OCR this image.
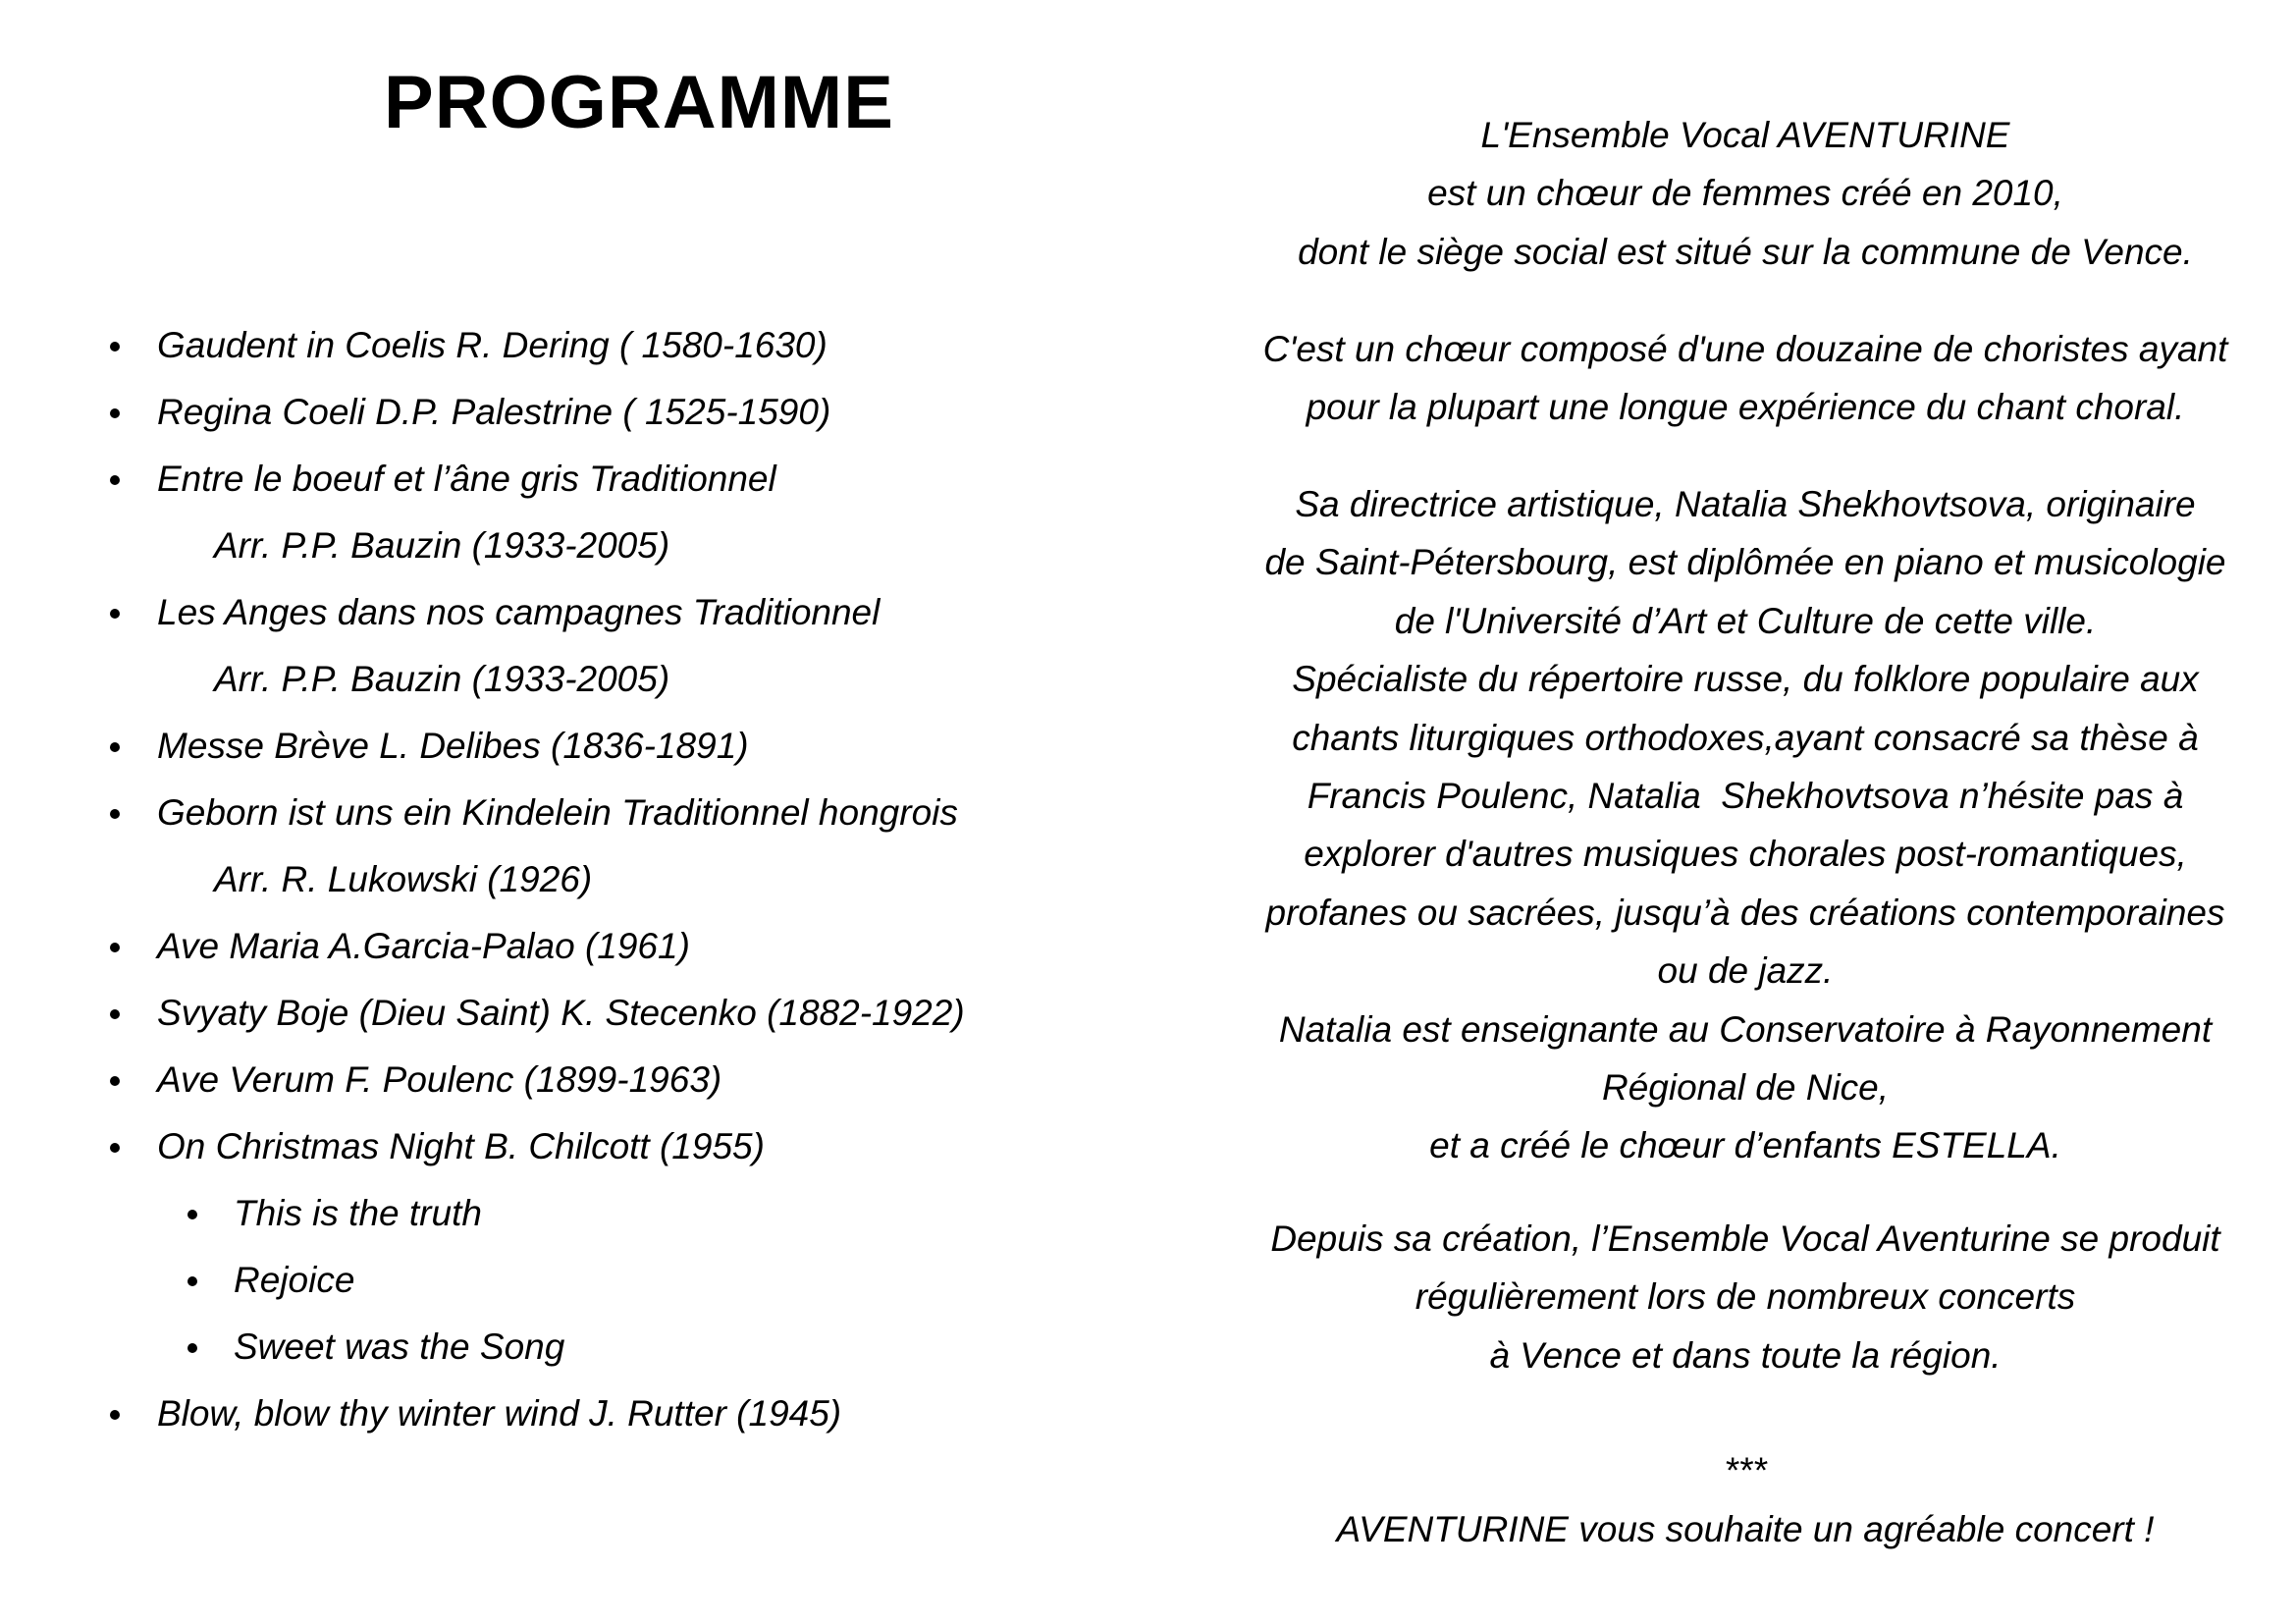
PROGRAMME

Gaudent in Coelis R. Dering ( 1580-1630)

Regina Coeli D.P. Palestrine ( 1525-1590)

Entre le boeuf et l’âne gris Traditionnel

Arr. P.P. Bauzin (1933-2005)

Les Anges dans nos campagnes Traditionnel

Arr. P.P. Bauzin (1933-2005)

Messe Brève L. Delibes (1836-1891)

Geborn ist uns ein Kindelein Traditionnel hongrois

Arr. R. Lukowski (1926)

Ave Maria A.Garcia-Palao (1961)

Svyaty Boje (Dieu Saint) K. Stecenko (1882-1922)

Ave Verum F. Poulenc (1899-1963)

On Christmas Night B. Chilcott (1955)

This is the truth

Rejoice

Sweet was the Song

Blow, blow thy winter wind J. Rutter (1945)

L'Ensemble Vocal AVENTURINE
est un chœur de femmes créé en 2010,
dont le siège social est situé sur la commune de Vence.
C'est un chœur composé d'une douzaine de choristes ayant
pour la plupart une longue expérience du chant choral.
Sa directrice artistique, Natalia Shekhovtsova, originaire
de Saint-Pétersbourg, est diplômée en piano et musicologie
de l'Université d’Art et Culture de cette ville.
Spécialiste du répertoire russe, du folklore populaire aux
chants liturgiques orthodoxes,ayant consacré sa thèse à
Francis Poulenc, Natalia  Shekhovtsova n’hésite pas à
explorer d'autres musiques chorales post-romantiques,
profanes ou sacrées, jusqu’à des créations contemporaines
ou de jazz.
Natalia est enseignante au Conservatoire à Rayonnement
Régional de Nice,
et a créé le chœur d’enfants ESTELLA.
Depuis sa création, l’Ensemble Vocal Aventurine se produit
régulièrement lors de nombreux concerts
à Vence et dans toute la région.
***
AVENTURINE vous souhaite un agréable concert !
